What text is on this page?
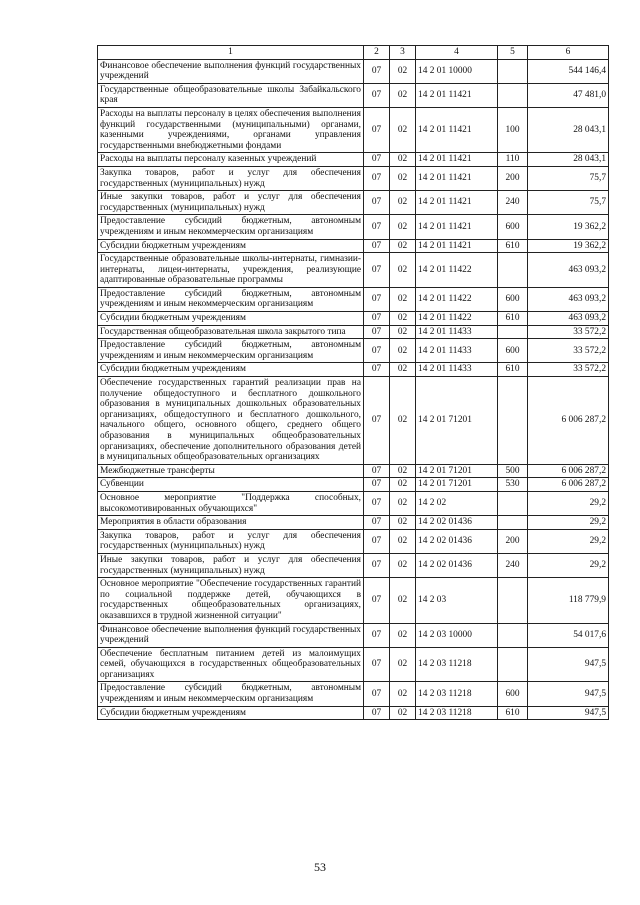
1	2	3	4	5	6
Финансовое обеспечение выполнения функций государственных учреждений	07	02	14 2 01 10000		544 146,4
Государственные общеобразовательные школы Забайкальского края	07	02	14 2 01 11421		47 481,0
Расходы на выплаты персоналу в целях обеспечения выполнения функций государственными (муниципальными) органами, казенными учреждениями, органами управления государственными внебюджетными фондами	07	02	14 2 01 11421	100	28 043,1
Расходы на выплаты персоналу казенных учреждений	07	02	14 2 01 11421	110	28 043,1
Закупка товаров, работ и услуг для обеспечения государственных (муниципальных) нужд	07	02	14 2 01 11421	200	75,7
Иные закупки товаров, работ и услуг для обеспечения государственных (муниципальных) нужд	07	02	14 2 01 11421	240	75,7
Предоставление субсидий бюджетным, автономным учреждениям и иным некоммерческим организациям	07	02	14 2 01 11421	600	19 362,2
Субсидии бюджетным учреждениям	07	02	14 2 01 11421	610	19 362,2
Государственные образовательные школы-интернаты, гимназии-интернаты, лицеи-интернаты, учреждения, реализующие адаптированные образовательные программы	07	02	14 2 01 11422		463 093,2
Предоставление субсидий бюджетным, автономным учреждениям и иным некоммерческим организациям	07	02	14 2 01 11422	600	463 093,2
Субсидии бюджетным учреждениям	07	02	14 2 01 11422	610	463 093,2
Государственная общеобразовательная школа закрытого типа	07	02	14 2 01 11433		33 572,2
Предоставление субсидий бюджетным, автономным учреждениям и иным некоммерческим организациям	07	02	14 2 01 11433	600	33 572,2
Субсидии бюджетным учреждениям	07	02	14 2 01 11433	610	33 572,2
Обеспечение государственных гарантий реализации прав на получение общедоступного и бесплатного дошкольного образования в муниципальных дошкольных образовательных организациях, общедоступного и бесплатного дошкольного, начального общего, основного общего, среднего общего образования в муниципальных общеобразовательных организациях, обеспечение дополнительного образования детей в муниципальных общеобразовательных организациях	07	02	14 2 01 71201		6 006 287,2
Межбюджетные трансферты	07	02	14 2 01 71201	500	6 006 287,2
Субвенции	07	02	14 2 01 71201	530	6 006 287,2
Основное мероприятие "Поддержка способных, высокомотивированных обучающихся"	07	02	14 2 02		29,2
Мероприятия в области образования	07	02	14 2 02 01436		29,2
Закупка товаров, работ и услуг для обеспечения государственных (муниципальных) нужд	07	02	14 2 02 01436	200	29,2
Иные закупки товаров, работ и услуг для обеспечения государственных (муниципальных) нужд	07	02	14 2 02 01436	240	29,2
Основное мероприятие "Обеспечение государственных гарантий по социальной поддержке детей, обучающихся в государственных общеобразовательных организациях, оказавшихся в трудной жизненной ситуации"	07	02	14 2 03		118 779,9
Финансовое обеспечение выполнения функций государственных учреждений	07	02	14 2 03 10000		54 017,6
Обеспечение бесплатным питанием детей из малоимущих семей, обучающихся в государственных общеобразовательных организациях	07	02	14 2 03 11218		947,5
Предоставление субсидий бюджетным, автономным учреждениям и иным некоммерческим организациям	07	02	14 2 03 11218	600	947,5
Субсидии бюджетным учреждениям	07	02	14 2 03 11218	610	947,5
53
